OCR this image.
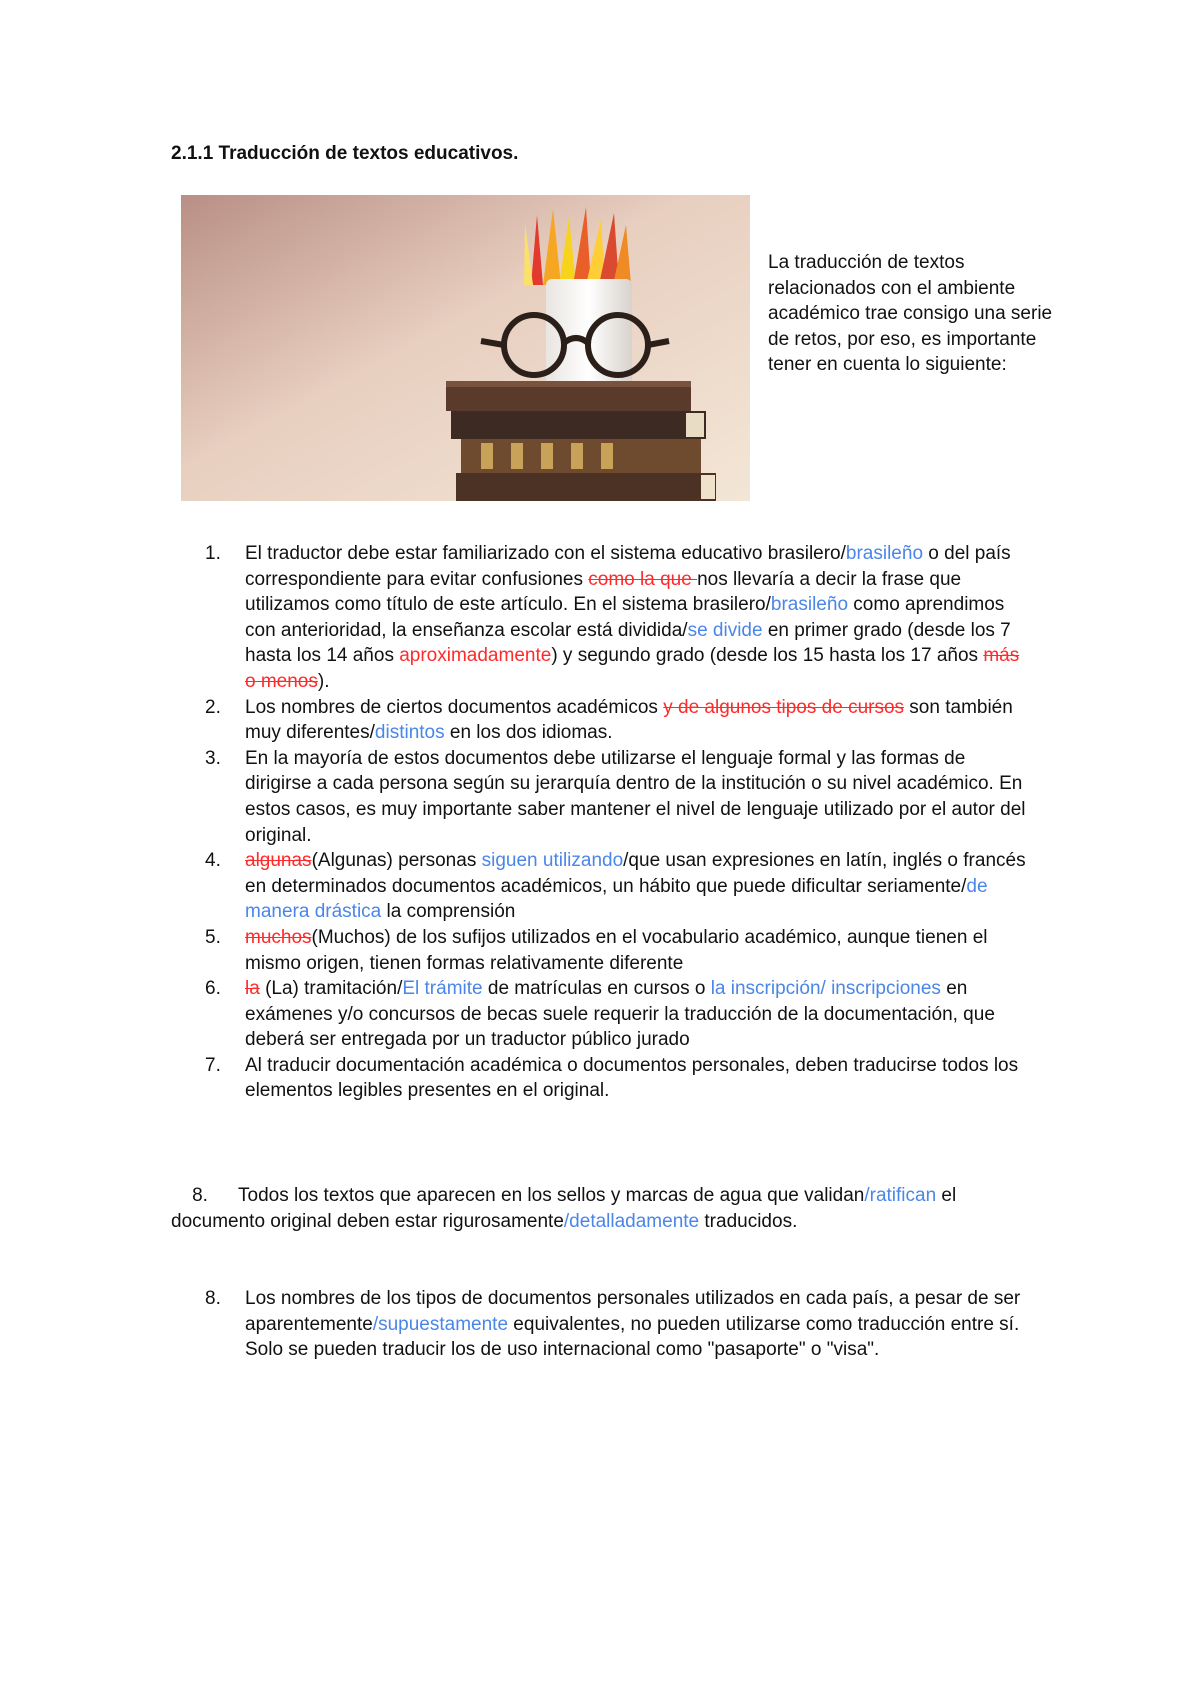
2.1.1 Traducción de textos educativos.

La traducción de textos relacionados con el ambiente académico trae consigo una serie de retos, por eso, es importante tener en cuenta lo siguiente:

1. El traductor debe estar familiarizado con el sistema educativo brasilero/brasileño o del país correspondiente para evitar confusiones como la que nos llevaría a decir la frase que utilizamos como título de este artículo. En el sistema brasilero/brasileño como aprendimos con anterioridad, la enseñanza escolar está dividida/se divide en primer grado (desde los 7 hasta los 14 años aproximadamente) y segundo grado (desde los 15 hasta los 17 años más o menos).
2. Los nombres de ciertos documentos académicos y de algunos tipos de cursos son también muy diferentes/distintos en los dos idiomas.
3. En la mayoría de estos documentos debe utilizarse el lenguaje formal y las formas de dirigirse a cada persona según su jerarquía dentro de la institución o su nivel académico. En estos casos, es muy importante saber mantener el nivel de lenguaje utilizado por el autor del original.
4. algunas(Algunas) personas siguen utilizando/que usan expresiones en latín, inglés o francés en determinados documentos académicos, un hábito que puede dificultar seriamente/de manera drástica la comprensión
5. muchos(Muchos) de los sufijos utilizados en el vocabulario académico, aunque tienen el mismo origen, tienen formas relativamente diferente
6. la (La) tramitación/El trámite de matrículas en cursos o la inscripción/ inscripciones en exámenes y/o concursos de becas suele requerir la traducción de la documentación, que deberá ser entregada por un traductor público jurado
7. Al traducir documentación académica o documentos personales, deben traducirse todos los elementos legibles presentes en el original.

8. Todos los textos que aparecen en los sellos y marcas de agua que validan/ratifican el documento original deben estar rigurosamente/detalladamente traducidos.

8. Los nombres de los tipos de documentos personales utilizados en cada país, a pesar de ser aparentemente/supuestamente equivalentes, no pueden utilizarse como traducción entre sí. Solo se pueden traducir los de uso internacional como "pasaporte" o "visa".
